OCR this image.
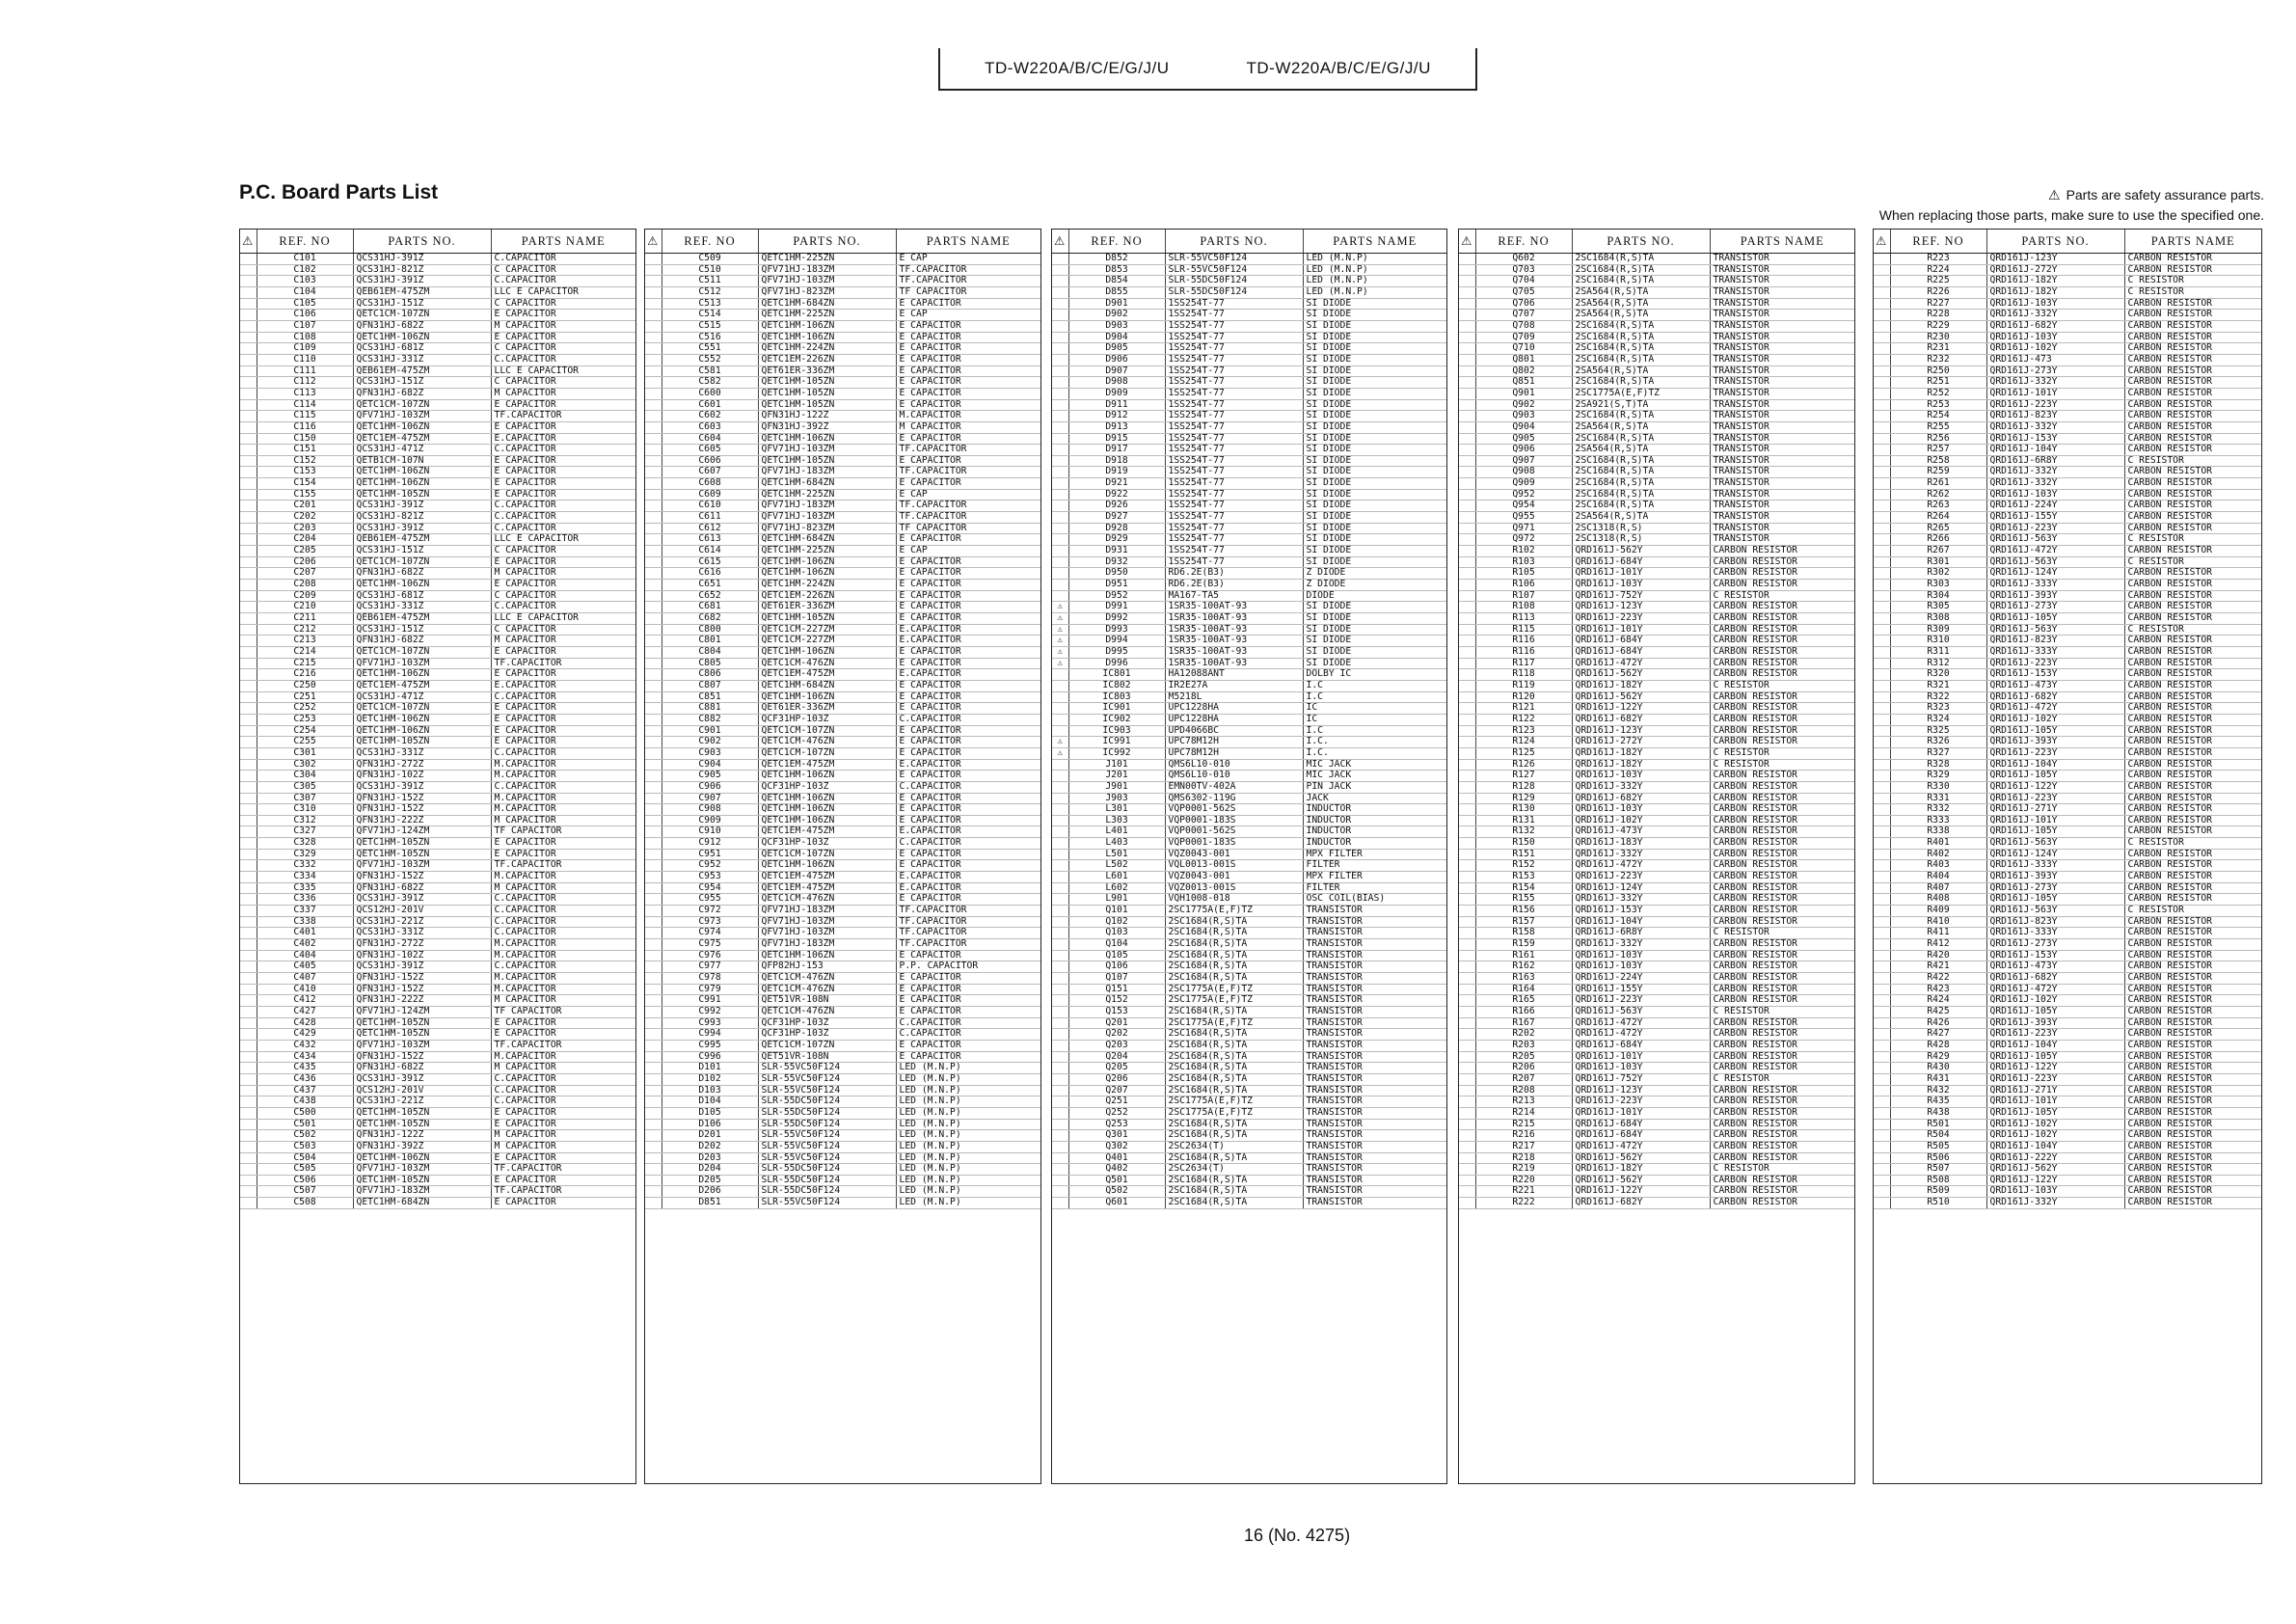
TD-W220A/B/C/E/G/J/U	TD-W220A/B/C/E/G/J/U
P.C. Board Parts List	⚠ Parts are safety assurance parts.
When replacing those parts, make sure to use the specified one.
⚠	REF. NO	PARTS NO.	PARTS NAME
	C101	QCS31HJ-391Z	C.CAPACITOR
	C102	QCS31HJ-821Z	C CAPACITOR
	C103	QCS31HJ-391Z	C.CAPACITOR
	C104	QEB61EM-475ZM	LLC E CAPACITOR
	C105	QCS31HJ-151Z	C CAPACITOR
	C106	QETC1CM-107ZN	E CAPACITOR
	C107	QFN31HJ-682Z	M CAPACITOR
	C108	QETC1HM-106ZN	E CAPACITOR
	C109	QCS31HJ-681Z	C CAPACITOR
	C110	QCS31HJ-331Z	C.CAPACITOR
	C111	QEB61EM-475ZM	LLC E CAPACITOR
	C112	QCS31HJ-151Z	C CAPACITOR
	C113	QFN31HJ-682Z	M CAPACITOR
	C114	QETC1CM-107ZN	E CAPACITOR
	C115	QFV71HJ-103ZM	TF.CAPACITOR
	C116	QETC1HM-106ZN	E CAPACITOR
	C150	QETC1EM-475ZM	E.CAPACITOR
	C151	QCS31HJ-471Z	C.CAPACITOR
	C152	QETB1CM-107N	E CAPACITOR
	C153	QETC1HM-106ZN	E CAPACITOR
	C154	QETC1HM-106ZN	E CAPACITOR
	C155	QETC1HM-105ZN	E CAPACITOR
	C201	QCS31HJ-391Z	C.CAPACITOR
	C202	QCS31HJ-821Z	C.CAPACITOR
	C203	QCS31HJ-391Z	C.CAPACITOR
	C204	QEB61EM-475ZM	LLC E CAPACITOR
	C205	QCS31HJ-151Z	C CAPACITOR
	C206	QETC1CM-107ZN	E CAPACITOR
	C207	QFN31HJ-682Z	M CAPACITOR
	C208	QETC1HM-106ZN	E CAPACITOR
	C209	QCS31HJ-681Z	C CAPACITOR
	C210	QCS31HJ-331Z	C.CAPACITOR
	C211	QEB61EM-475ZM	LLC E CAPACITOR
	C212	QCS31HJ-151Z	C CAPACITOR
	C213	QFN31HJ-682Z	M CAPACITOR
	C214	QETC1CM-107ZN	E CAPACITOR
	C215	QFV71HJ-103ZM	TF.CAPACITOR
	C216	QETC1HM-106ZN	E CAPACITOR
	C250	QETC1EM-475ZM	E.CAPACITOR
	C251	QCS31HJ-471Z	C.CAPACITOR
	C252	QETC1CM-107ZN	E CAPACITOR
	C253	QETC1HM-106ZN	E CAPACITOR
	C254	QETC1HM-106ZN	E CAPACITOR
	C255	QETC1HM-105ZN	E CAPACITOR
	C301	QCS31HJ-331Z	C.CAPACITOR
	C302	QFN31HJ-272Z	M.CAPACITOR
	C304	QFN31HJ-102Z	M.CAPACITOR
	C305	QCS31HJ-391Z	C.CAPACITOR
	C307	QFN31HJ-152Z	M.CAPACITOR
	C310	QFN31HJ-152Z	M.CAPACITOR
	C312	QFN31HJ-222Z	M CAPACITOR
	C327	QFV71HJ-124ZM	TF CAPACITOR
	C328	QETC1HM-105ZN	E CAPACITOR
	C329	QETC1HM-105ZN	E CAPACITOR
	C332	QFV71HJ-103ZM	TF.CAPACITOR
	C334	QFN31HJ-152Z	M.CAPACITOR
	C335	QFN31HJ-682Z	M CAPACITOR
	C336	QCS31HJ-391Z	C.CAPACITOR
	C337	QCS12HJ-201V	C.CAPACITOR
	C338	QCS31HJ-221Z	C.CAPACITOR
	C401	QCS31HJ-331Z	C.CAPACITOR
	C402	QFN31HJ-272Z	M.CAPACITOR
	C404	QFN31HJ-102Z	M.CAPACITOR
	C405	QCS31HJ-391Z	C.CAPACITOR
	C407	QFN31HJ-152Z	M.CAPACITOR
	C410	QFN31HJ-152Z	M.CAPACITOR
	C412	QFN31HJ-222Z	M CAPACITOR
	C427	QFV71HJ-124ZM	TF CAPACITOR
	C428	QETC1HM-105ZN	E CAPACITOR
	C429	QETC1HM-105ZN	E CAPACITOR
	C432	QFV71HJ-103ZM	TF.CAPACITOR
	C434	QFN31HJ-152Z	M.CAPACITOR
	C435	QFN31HJ-682Z	M CAPACITOR
	C436	QCS31HJ-391Z	C.CAPACITOR
	C437	QCS12HJ-201V	C.CAPACITOR
	C438	QCS31HJ-221Z	C.CAPACITOR
	C500	QETC1HM-105ZN	E CAPACITOR
	C501	QETC1HM-105ZN	E CAPACITOR
	C502	QFN31HJ-122Z	M CAPACITOR
	C503	QFN31HJ-392Z	M CAPACITOR
	C504	QETC1HM-106ZN	E CAPACITOR
	C505	QFV71HJ-103ZM	TF.CAPACITOR
	C506	QETC1HM-105ZN	E CAPACITOR
	C507	QFV71HJ-183ZM	TF.CAPACITOR
	C508	QETC1HM-684ZN	E CAPACITOR
⚠	REF. NO	PARTS NO.	PARTS NAME
	C509	QETC1HM-225ZN	E CAP
	C510	QFV71HJ-183ZM	TF.CAPACITOR
	C511	QFV71HJ-103ZM	TF.CAPACITOR
	C512	QFV71HJ-823ZM	TF CAPACITOR
	C513	QETC1HM-684ZN	E CAPACITOR
	C514	QETC1HM-225ZN	E CAP
	C515	QETC1HM-106ZN	E CAPACITOR
	C516	QETC1HM-106ZN	E CAPACITOR
	C551	QETC1HM-224ZN	E CAPACITOR
	C552	QETC1EM-226ZN	E CAPACITOR
	C581	QET61ER-336ZM	E CAPACITOR
	C582	QETC1HM-105ZN	E CAPACITOR
	C600	QETC1HM-105ZN	E CAPACITOR
	C601	QETC1HM-105ZN	E CAPACITOR
	C602	QFN31HJ-122Z	M.CAPACITOR
	C603	QFN31HJ-392Z	M CAPACITOR
	C604	QETC1HM-106ZN	E CAPACITOR
	C605	QFV71HJ-103ZM	TF.CAPACITOR
	C606	QETC1HM-105ZN	E CAPACITOR
	C607	QFV71HJ-183ZM	TF.CAPACITOR
	C608	QETC1HM-684ZN	E CAPACITOR
	C609	QETC1HM-225ZN	E CAP
	C610	QFV71HJ-183ZM	TF.CAPACITOR
	C611	QFV71HJ-103ZM	TF.CAPACITOR
	C612	QFV71HJ-823ZM	TF CAPACITOR
	C613	QETC1HM-684ZN	E CAPACITOR
	C614	QETC1HM-225ZN	E CAP
	C615	QETC1HM-106ZN	E CAPACITOR
	C616	QETC1HM-106ZN	E CAPACITOR
	C651	QETC1HM-224ZN	E CAPACITOR
	C652	QETC1EM-226ZN	E CAPACITOR
	C681	QET61ER-336ZM	E CAPACITOR
	C682	QETC1HM-105ZN	E CAPACITOR
	C800	QETC1CM-227ZM	E.CAPACITOR
	C801	QETC1CM-227ZM	E.CAPACITOR
	C804	QETC1HM-106ZN	E CAPACITOR
	C805	QETC1CM-476ZN	E CAPACITOR
	C806	QETC1EM-475ZM	E.CAPACITOR
	C807	QETC1HM-684ZN	E CAPACITOR
	C851	QETC1HM-106ZN	E CAPACITOR
	C881	QET61ER-336ZM	E CAPACITOR
	C882	QCF31HP-103Z	C.CAPACITOR
	C901	QETC1CM-107ZN	E CAPACITOR
	C902	QETC1CM-476ZN	E CAPACITOR
	C903	QETC1CM-107ZN	E CAPACITOR
	C904	QETC1EM-475ZM	E.CAPACITOR
	C905	QETC1HM-106ZN	E CAPACITOR
	C906	QCF31HP-103Z	C.CAPACITOR
	C907	QETC1HM-106ZN	E CAPACITOR
	C908	QETC1HM-106ZN	E CAPACITOR
	C909	QETC1HM-106ZN	E CAPACITOR
	C910	QETC1EM-475ZM	E.CAPACITOR
	C912	QCF31HP-103Z	C.CAPACITOR
	C951	QETC1CM-107ZN	E CAPACITOR
	C952	QETC1HM-106ZN	E CAPACITOR
	C953	QETC1EM-475ZM	E.CAPACITOR
	C954	QETC1EM-475ZM	E.CAPACITOR
	C955	QETC1CM-476ZN	E CAPACITOR
	C972	QFV71HJ-183ZM	TF.CAPACITOR
	C973	QFV71HJ-103ZM	TF.CAPACITOR
	C974	QFV71HJ-103ZM	TF.CAPACITOR
	C975	QFV71HJ-183ZM	TF.CAPACITOR
	C976	QETC1HM-106ZN	E CAPACITOR
	C977	QFP82HJ-153	P.P. CAPACITOR
	C978	QETC1CM-476ZN	E CAPACITOR
	C979	QETC1CM-476ZN	E CAPACITOR
	C991	QET51VR-108N	E CAPACITOR
	C992	QETC1CM-476ZN	E CAPACITOR
	C993	QCF31HP-103Z	C.CAPACITOR
	C994	QCF31HP-103Z	C.CAPACITOR
	C995	QETC1CM-107ZN	E CAPACITOR
	C996	QET51VR-108N	E CAPACITOR
	D101	SLR-55VC50F124	LED (M.N.P)
	D102	SLR-55VC50F124	LED (M.N.P)
	D103	SLR-55VC50F124	LED (M.N.P)
	D104	SLR-55DC50F124	LED (M.N.P)
	D105	SLR-55DC50F124	LED (M.N.P)
	D106	SLR-55DC50F124	LED (M.N.P)
	D201	SLR-55VC50F124	LED (M.N.P)
	D202	SLR-55VC50F124	LED (M.N.P)
	D203	SLR-55VC50F124	LED (M.N.P)
	D204	SLR-55DC50F124	LED (M.N.P)
	D205	SLR-55DC50F124	LED (M.N.P)
	D206	SLR-55DC50F124	LED (M.N.P)
	D851	SLR-55VC50F124	LED (M.N.P)
⚠	REF. NO	PARTS NO.	PARTS NAME
	D852	SLR-55VC50F124	LED (M.N.P)
	D853	SLR-55VC50F124	LED (M.N.P)
	D854	SLR-55DC50F124	LED (M.N.P)
	D855	SLR-55DC50F124	LED (M.N.P)
	D901	1SS254T-77	SI DIODE
	D902	1SS254T-77	SI DIODE
	D903	1SS254T-77	SI DIODE
	D904	1SS254T-77	SI DIODE
	D905	1SS254T-77	SI DIODE
	D906	1SS254T-77	SI DIODE
	D907	1SS254T-77	SI DIODE
	D908	1SS254T-77	SI DIODE
	D909	1SS254T-77	SI DIODE
	D911	1SS254T-77	SI DIODE
	D912	1SS254T-77	SI DIODE
	D913	1SS254T-77	SI DIODE
	D915	1SS254T-77	SI DIODE
	D917	1SS254T-77	SI DIODE
	D918	1SS254T-77	SI DIODE
	D919	1SS254T-77	SI DIODE
	D921	1SS254T-77	SI DIODE
	D922	1SS254T-77	SI DIODE
	D926	1SS254T-77	SI DIODE
	D927	1SS254T-77	SI DIODE
	D928	1SS254T-77	SI DIODE
	D929	1SS254T-77	SI DIODE
	D931	1SS254T-77	SI DIODE
	D932	1SS254T-77	SI DIODE
	D950	RD6.2E(B3)	Z DIODE
	D951	RD6.2E(B3)	Z DIODE
	D952	MA167-TA5	DIODE
⚠	D991	1SR35-100AT-93	SI DIODE
⚠	D992	1SR35-100AT-93	SI DIODE
⚠	D993	1SR35-100AT-93	SI DIODE
⚠	D994	1SR35-100AT-93	SI DIODE
⚠	D995	1SR35-100AT-93	SI DIODE
⚠	D996	1SR35-100AT-93	SI DIODE
	IC801	HA12088ANT	DOLBY IC
	IC802	IR2E27A	I.C
	IC803	M5218L	I.C
	IC901	UPC1228HA	IC
	IC902	UPC1228HA	IC
	IC903	UPD4066BC	I.C
⚠	IC991	UPC78M12H	I.C.
⚠	IC992	UPC78M12H	I.C.
	J101	QMS6L10-010	MIC JACK
	J201	QMS6L10-010	MIC JACK
	J901	EMN00TV-402A	PIN JACK
	J903	QMS6302-119G	JACK
	L301	VQP0001-562S	INDUCTOR
	L303	VQP0001-183S	INDUCTOR
	L401	VQP0001-562S	INDUCTOR
	L403	VQP0001-183S	INDUCTOR
	L501	VQZ0043-001	MPX FILTER
	L502	VQL0013-001S	FILTER
	L601	VQZ0043-001	MPX FILTER
	L602	VQZ0013-001S	FILTER
	L901	VQH1008-018	OSC COIL(BIAS)
	Q101	2SC1775A(E,F)TZ	TRANSISTOR
	Q102	2SC1684(R,S)TA	TRANSISTOR
	Q103	2SC1684(R,S)TA	TRANSISTOR
	Q104	2SC1684(R,S)TA	TRANSISTOR
	Q105	2SC1684(R,S)TA	TRANSISTOR
	Q106	2SC1684(R,S)TA	TRANSISTOR
	Q107	2SC1684(R,S)TA	TRANSISTOR
	Q151	2SC1775A(E,F)TZ	TRANSISTOR
	Q152	2SC1775A(E,F)TZ	TRANSISTOR
	Q153	2SC1684(R,S)TA	TRANSISTOR
	Q201	2SC1775A(E,F)TZ	TRANSISTOR
	Q202	2SC1684(R,S)TA	TRANSISTOR
	Q203	2SC1684(R,S)TA	TRANSISTOR
	Q204	2SC1684(R,S)TA	TRANSISTOR
	Q205	2SC1684(R,S)TA	TRANSISTOR
	Q206	2SC1684(R,S)TA	TRANSISTOR
	Q207	2SC1684(R,S)TA	TRANSISTOR
	Q251	2SC1775A(E,F)TZ	TRANSISTOR
	Q252	2SC1775A(E,F)TZ	TRANSISTOR
	Q253	2SC1684(R,S)TA	TRANSISTOR
	Q301	2SC1684(R,S)TA	TRANSISTOR
	Q302	2SC2634(T)	TRANSISTOR
	Q401	2SC1684(R,S)TA	TRANSISTOR
	Q402	2SC2634(T)	TRANSISTOR
	Q501	2SC1684(R,S)TA	TRANSISTOR
	Q502	2SC1684(R,S)TA	TRANSISTOR
	Q601	2SC1684(R,S)TA	TRANSISTOR
⚠	REF. NO	PARTS NO.	PARTS NAME
	Q602	2SC1684(R,S)TA	TRANSISTOR
	Q703	2SC1684(R,S)TA	TRANSISTOR
	Q704	2SC1684(R,S)TA	TRANSISTOR
	Q705	2SA564(R,S)TA	TRANSISTOR
	Q706	2SA564(R,S)TA	TRANSISTOR
	Q707	2SA564(R,S)TA	TRANSISTOR
	Q708	2SC1684(R,S)TA	TRANSISTOR
	Q709	2SC1684(R,S)TA	TRANSISTOR
	Q710	2SC1684(R,S)TA	TRANSISTOR
	Q801	2SC1684(R,S)TA	TRANSISTOR
	Q802	2SA564(R,S)TA	TRANSISTOR
	Q851	2SC1684(R,S)TA	TRANSISTOR
	Q901	2SC1775A(E,F)TZ	TRANSISTOR
	Q902	2SA921(S,T)TA	TRANSISTOR
	Q903	2SC1684(R,S)TA	TRANSISTOR
	Q904	2SA564(R,S)TA	TRANSISTOR
	Q905	2SC1684(R,S)TA	TRANSISTOR
	Q906	2SA564(R,S)TA	TRANSISTOR
	Q907	2SC1684(R,S)TA	TRANSISTOR
	Q908	2SC1684(R,S)TA	TRANSISTOR
	Q909	2SC1684(R,S)TA	TRANSISTOR
	Q952	2SC1684(R,S)TA	TRANSISTOR
	Q954	2SC1684(R,S)TA	TRANSISTOR
	Q955	2SA564(R,S)TA	TRANSISTOR
	Q971	2SC1318(R,S)	TRANSISTOR
	Q972	2SC1318(R,S)	TRANSISTOR
	R102	QRD161J-562Y	CARBON RESISTOR
	R103	QRD161J-684Y	CARBON RESISTOR
	R105	QRD161J-101Y	CARBON RESISTOR
	R106	QRD161J-103Y	CARBON RESISTOR
	R107	QRD161J-752Y	C RESISTOR
	R108	QRD161J-123Y	CARBON RESISTOR
	R113	QRD161J-223Y	CARBON RESISTOR
	R115	QRD161J-101Y	CARBON RESISTOR
	R116	QRD161J-684Y	CARBON RESISTOR
	R116	QRD161J-684Y	CARBON RESISTOR
	R117	QRD161J-472Y	CARBON RESISTOR
	R118	QRD161J-562Y	CARBON RESISTOR
	R119	QRD161J-182Y	C RESISTOR
	R120	QRD161J-562Y	CARBON RESISTOR
	R121	QRD161J-122Y	CARBON RESISTOR
	R122	QRD161J-682Y	CARBON RESISTOR
	R123	QRD161J-123Y	CARBON RESISTOR
	R124	QRD161J-272Y	CARBON RESISTOR
	R125	QRD161J-182Y	C RESISTOR
	R126	QRD161J-182Y	C RESISTOR
	R127	QRD161J-103Y	CARBON RESISTOR
	R128	QRD161J-332Y	CARBON RESISTOR
	R129	QRD161J-682Y	CARBON RESISTOR
	R130	QRD161J-103Y	CARBON RESISTOR
	R131	QRD161J-102Y	CARBON RESISTOR
	R132	QRD161J-473Y	CARBON RESISTOR
	R150	QRD161J-183Y	CARBON RESISTOR
	R151	QRD161J-332Y	CARBON RESISTOR
	R152	QRD161J-472Y	CARBON RESISTOR
	R153	QRD161J-223Y	CARBON RESISTOR
	R154	QRD161J-124Y	CARBON RESISTOR
	R155	QRD161J-332Y	CARBON RESISTOR
	R156	QRD161J-153Y	CARBON RESISTOR
	R157	QRD161J-104Y	CARBON RESISTOR
	R158	QRD161J-6R8Y	C RESISTOR
	R159	QRD161J-332Y	CARBON RESISTOR
	R161	QRD161J-103Y	CARBON RESISTOR
	R162	QRD161J-103Y	CARBON RESISTOR
	R163	QRD161J-224Y	CARBON RESISTOR
	R164	QRD161J-155Y	CARBON RESISTOR
	R165	QRD161J-223Y	CARBON RESISTOR
	R166	QRD161J-563Y	C RESISTOR
	R167	QRD161J-472Y	CARBON RESISTOR
	R202	QRD161J-472Y	CARBON RESISTOR
	R203	QRD161J-684Y	CARBON RESISTOR
	R205	QRD161J-101Y	CARBON RESISTOR
	R206	QRD161J-103Y	CARBON RESISTOR
	R207	QRD161J-752Y	C RESISTOR
	R208	QRD161J-123Y	CARBON RESISTOR
	R213	QRD161J-223Y	CARBON RESISTOR
	R214	QRD161J-101Y	CARBON RESISTOR
	R215	QRD161J-684Y	CARBON RESISTOR
	R216	QRD161J-684Y	CARBON RESISTOR
	R217	QRD161J-472Y	CARBON RESISTOR
	R218	QRD161J-562Y	CARBON RESISTOR
	R219	QRD161J-182Y	C RESISTOR
	R220	QRD161J-562Y	CARBON RESISTOR
	R221	QRD161J-122Y	CARBON RESISTOR
	R222	QRD161J-682Y	CARBON RESISTOR
⚠	REF. NO	PARTS NO.	PARTS NAME
	R223	QRD161J-123Y	CARBON RESISTOR
	R224	QRD161J-272Y	CARBON RESISTOR
	R225	QRD161J-182Y	C RESISTOR
	R226	QRD161J-182Y	C RESISTOR
	R227	QRD161J-103Y	CARBON RESISTOR
	R228	QRD161J-332Y	CARBON RESISTOR
	R229	QRD161J-682Y	CARBON RESISTOR
	R230	QRD161J-103Y	CARBON RESISTOR
	R231	QRD161J-102Y	CARBON RESISTOR
	R232	QRD161J-473	CARBON RESISTOR
	R250	QRD161J-273Y	CARBON RESISTOR
	R251	QRD161J-332Y	CARBON RESISTOR
	R252	QRD161J-101Y	CARBON RESISTOR
	R253	QRD161J-223Y	CARBON RESISTOR
	R254	QRD161J-823Y	CARBON RESISTOR
	R255	QRD161J-332Y	CARBON RESISTOR
	R256	QRD161J-153Y	CARBON RESISTOR
	R257	QRD161J-104Y	CARBON RESISTOR
	R258	QRD161J-6R8Y	C RESISTOR
	R259	QRD161J-332Y	CARBON RESISTOR
	R261	QRD161J-332Y	CARBON RESISTOR
	R262	QRD161J-103Y	CARBON RESISTOR
	R263	QRD161J-224Y	CARBON RESISTOR
	R264	QRD161J-155Y	CARBON RESISTOR
	R265	QRD161J-223Y	CARBON RESISTOR
	R266	QRD161J-563Y	C RESISTOR
	R267	QRD161J-472Y	CARBON RESISTOR
	R301	QRD161J-563Y	C RESISTOR
	R302	QRD161J-124Y	CARBON RESISTOR
	R303	QRD161J-333Y	CARBON RESISTOR
	R304	QRD161J-393Y	CARBON RESISTOR
	R305	QRD161J-273Y	CARBON RESISTOR
	R308	QRD161J-105Y	CARBON RESISTOR
	R309	QRD161J-563Y	C RESISTOR
	R310	QRD161J-823Y	CARBON RESISTOR
	R311	QRD161J-333Y	CARBON RESISTOR
	R312	QRD161J-223Y	CARBON RESISTOR
	R320	QRD161J-153Y	CARBON RESISTOR
	R321	QRD161J-473Y	CARBON RESISTOR
	R322	QRD161J-682Y	CARBON RESISTOR
	R323	QRD161J-472Y	CARBON RESISTOR
	R324	QRD161J-102Y	CARBON RESISTOR
	R325	QRD161J-105Y	CARBON RESISTOR
	R326	QRD161J-393Y	CARBON RESISTOR
	R327	QRD161J-223Y	CARBON RESISTOR
	R328	QRD161J-104Y	CARBON RESISTOR
	R329	QRD161J-105Y	CARBON RESISTOR
	R330	QRD161J-122Y	CARBON RESISTOR
	R331	QRD161J-223Y	CARBON RESISTOR
	R332	QRD161J-271Y	CARBON RESISTOR
	R333	QRD161J-101Y	CARBON RESISTOR
	R338	QRD161J-105Y	CARBON RESISTOR
	R401	QRD161J-563Y	C RESISTOR
	R402	QRD161J-124Y	CARBON RESISTOR
	R403	QRD161J-333Y	CARBON RESISTOR
	R404	QRD161J-393Y	CARBON RESISTOR
	R407	QRD161J-273Y	CARBON RESISTOR
	R408	QRD161J-105Y	CARBON RESISTOR
	R409	QRD161J-563Y	C RESISTOR
	R410	QRD161J-823Y	CARBON RESISTOR
	R411	QRD161J-333Y	CARBON RESISTOR
	R412	QRD161J-273Y	CARBON RESISTOR
	R420	QRD161J-153Y	CARBON RESISTOR
	R421	QRD161J-473Y	CARBON RESISTOR
	R422	QRD161J-682Y	CARBON RESISTOR
	R423	QRD161J-472Y	CARBON RESISTOR
	R424	QRD161J-102Y	CARBON RESISTOR
	R425	QRD161J-105Y	CARBON RESISTOR
	R426	QRD161J-393Y	CARBON RESISTOR
	R427	QRD161J-223Y	CARBON RESISTOR
	R428	QRD161J-104Y	CARBON RESISTOR
	R429	QRD161J-105Y	CARBON RESISTOR
	R430	QRD161J-122Y	CARBON RESISTOR
	R431	QRD161J-223Y	CARBON RESISTOR
	R432	QRD161J-271Y	CARBON RESISTOR
	R435	QRD161J-101Y	CARBON RESISTOR
	R438	QRD161J-105Y	CARBON RESISTOR
	R501	QRD161J-102Y	CARBON RESISTOR
	R504	QRD161J-102Y	CARBON RESISTOR
	R505	QRD161J-104Y	CARBON RESISTOR
	R506	QRD161J-222Y	CARBON RESISTOR
	R507	QRD161J-562Y	CARBON RESISTOR
	R508	QRD161J-122Y	CARBON RESISTOR
	R509	QRD161J-103Y	CARBON RESISTOR
	R510	QRD161J-332Y	CARBON RESISTOR
16 (No. 4275)
